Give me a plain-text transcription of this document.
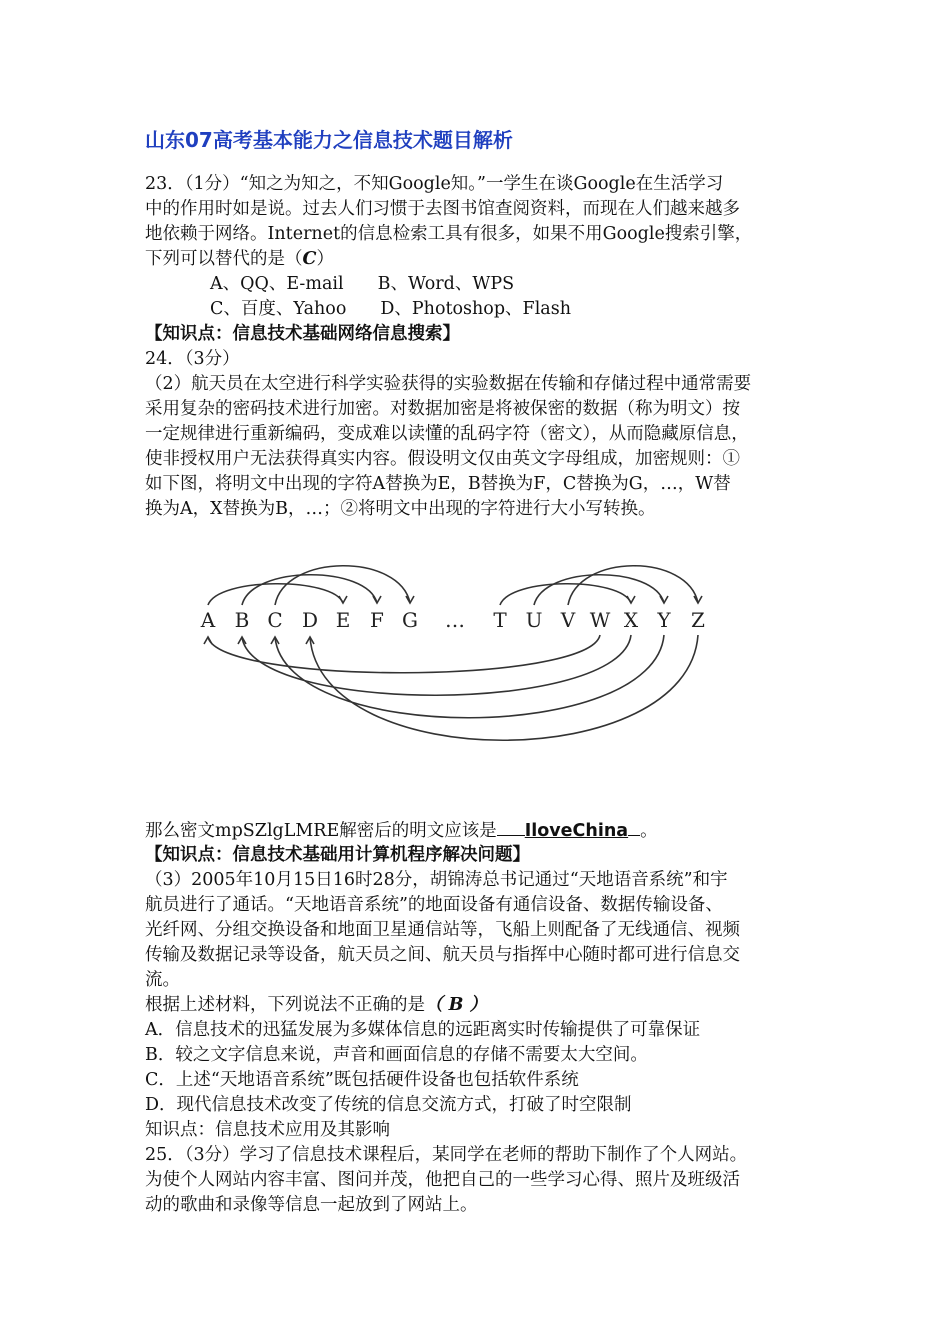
山东07高考基本能力之信息技术题目解析
23．（1分）“知之为知之，不知Google知。”一学生在谈Google在生活学习
中的作用时如是说。过去人们习惯于去图书馆查阅资料，而现在人们越来越多
地依赖于网络。Internet的信息检索工具有很多，如果不用Google搜索引擎，
下列可以替代的是（C）
A、QQ、E-mail B、Word、WPS
C、百度、Yahoo D、Photoshop、Flash
【知识点：信息技术基础网络信息搜索】
24．（3分）
（2）航天员在太空进行科学实验获得的实验数据在传输和存储过程中通常需要
采用复杂的密码技术进行加密。对数据加密是将被保密的数据（称为明文）按
一定规律进行重新编码，变成难以读懂的乱码字符（密文），从而隐藏原信息，
使非授权用户无法获得真实内容。假设明文仅由英文字母组成，加密规则：①
如下图，将明文中出现的字符A替换为E，B替换为F，C替换为G，…，W替
换为A，X替换为B，…；②将明文中出现的字符进行大小写转换。
A B C D E F G … T U V W X Y Z
那么密文mpSZlgLMRE解密后的明文应该是 IloveChina 。
【知识点：信息技术基础用计算机程序解决问题】
（3）2005年10月15日16时28分，胡锦涛总书记通过“天地语音系统”和宇
航员进行了通话。“天地语音系统”的地面设备有通信设备、数据传输设备、
光纤网、分组交换设备和地面卫星通信站等，飞船上则配备了无线通信、视频
传输及数据记录等设备，航天员之间、航天员与指挥中心随时都可进行信息交
流。
根据上述材料，下列说法不正确的是（ B ）
A．信息技术的迅猛发展为多媒体信息的远距离实时传输提供了可靠保证
B．较之文字信息来说，声音和画面信息的存储不需要太大空间。
C．上述“天地语音系统”既包括硬件设备也包括软件系统
D．现代信息技术改变了传统的信息交流方式，打破了时空限制
知识点：信息技术应用及其影响
25．（3分）学习了信息技术课程后，某同学在老师的帮助下制作了个人网站。
为使个人网站内容丰富、图问并茂，他把自己的一些学习心得、照片及班级活
动的歌曲和录像等信息一起放到了网站上。
